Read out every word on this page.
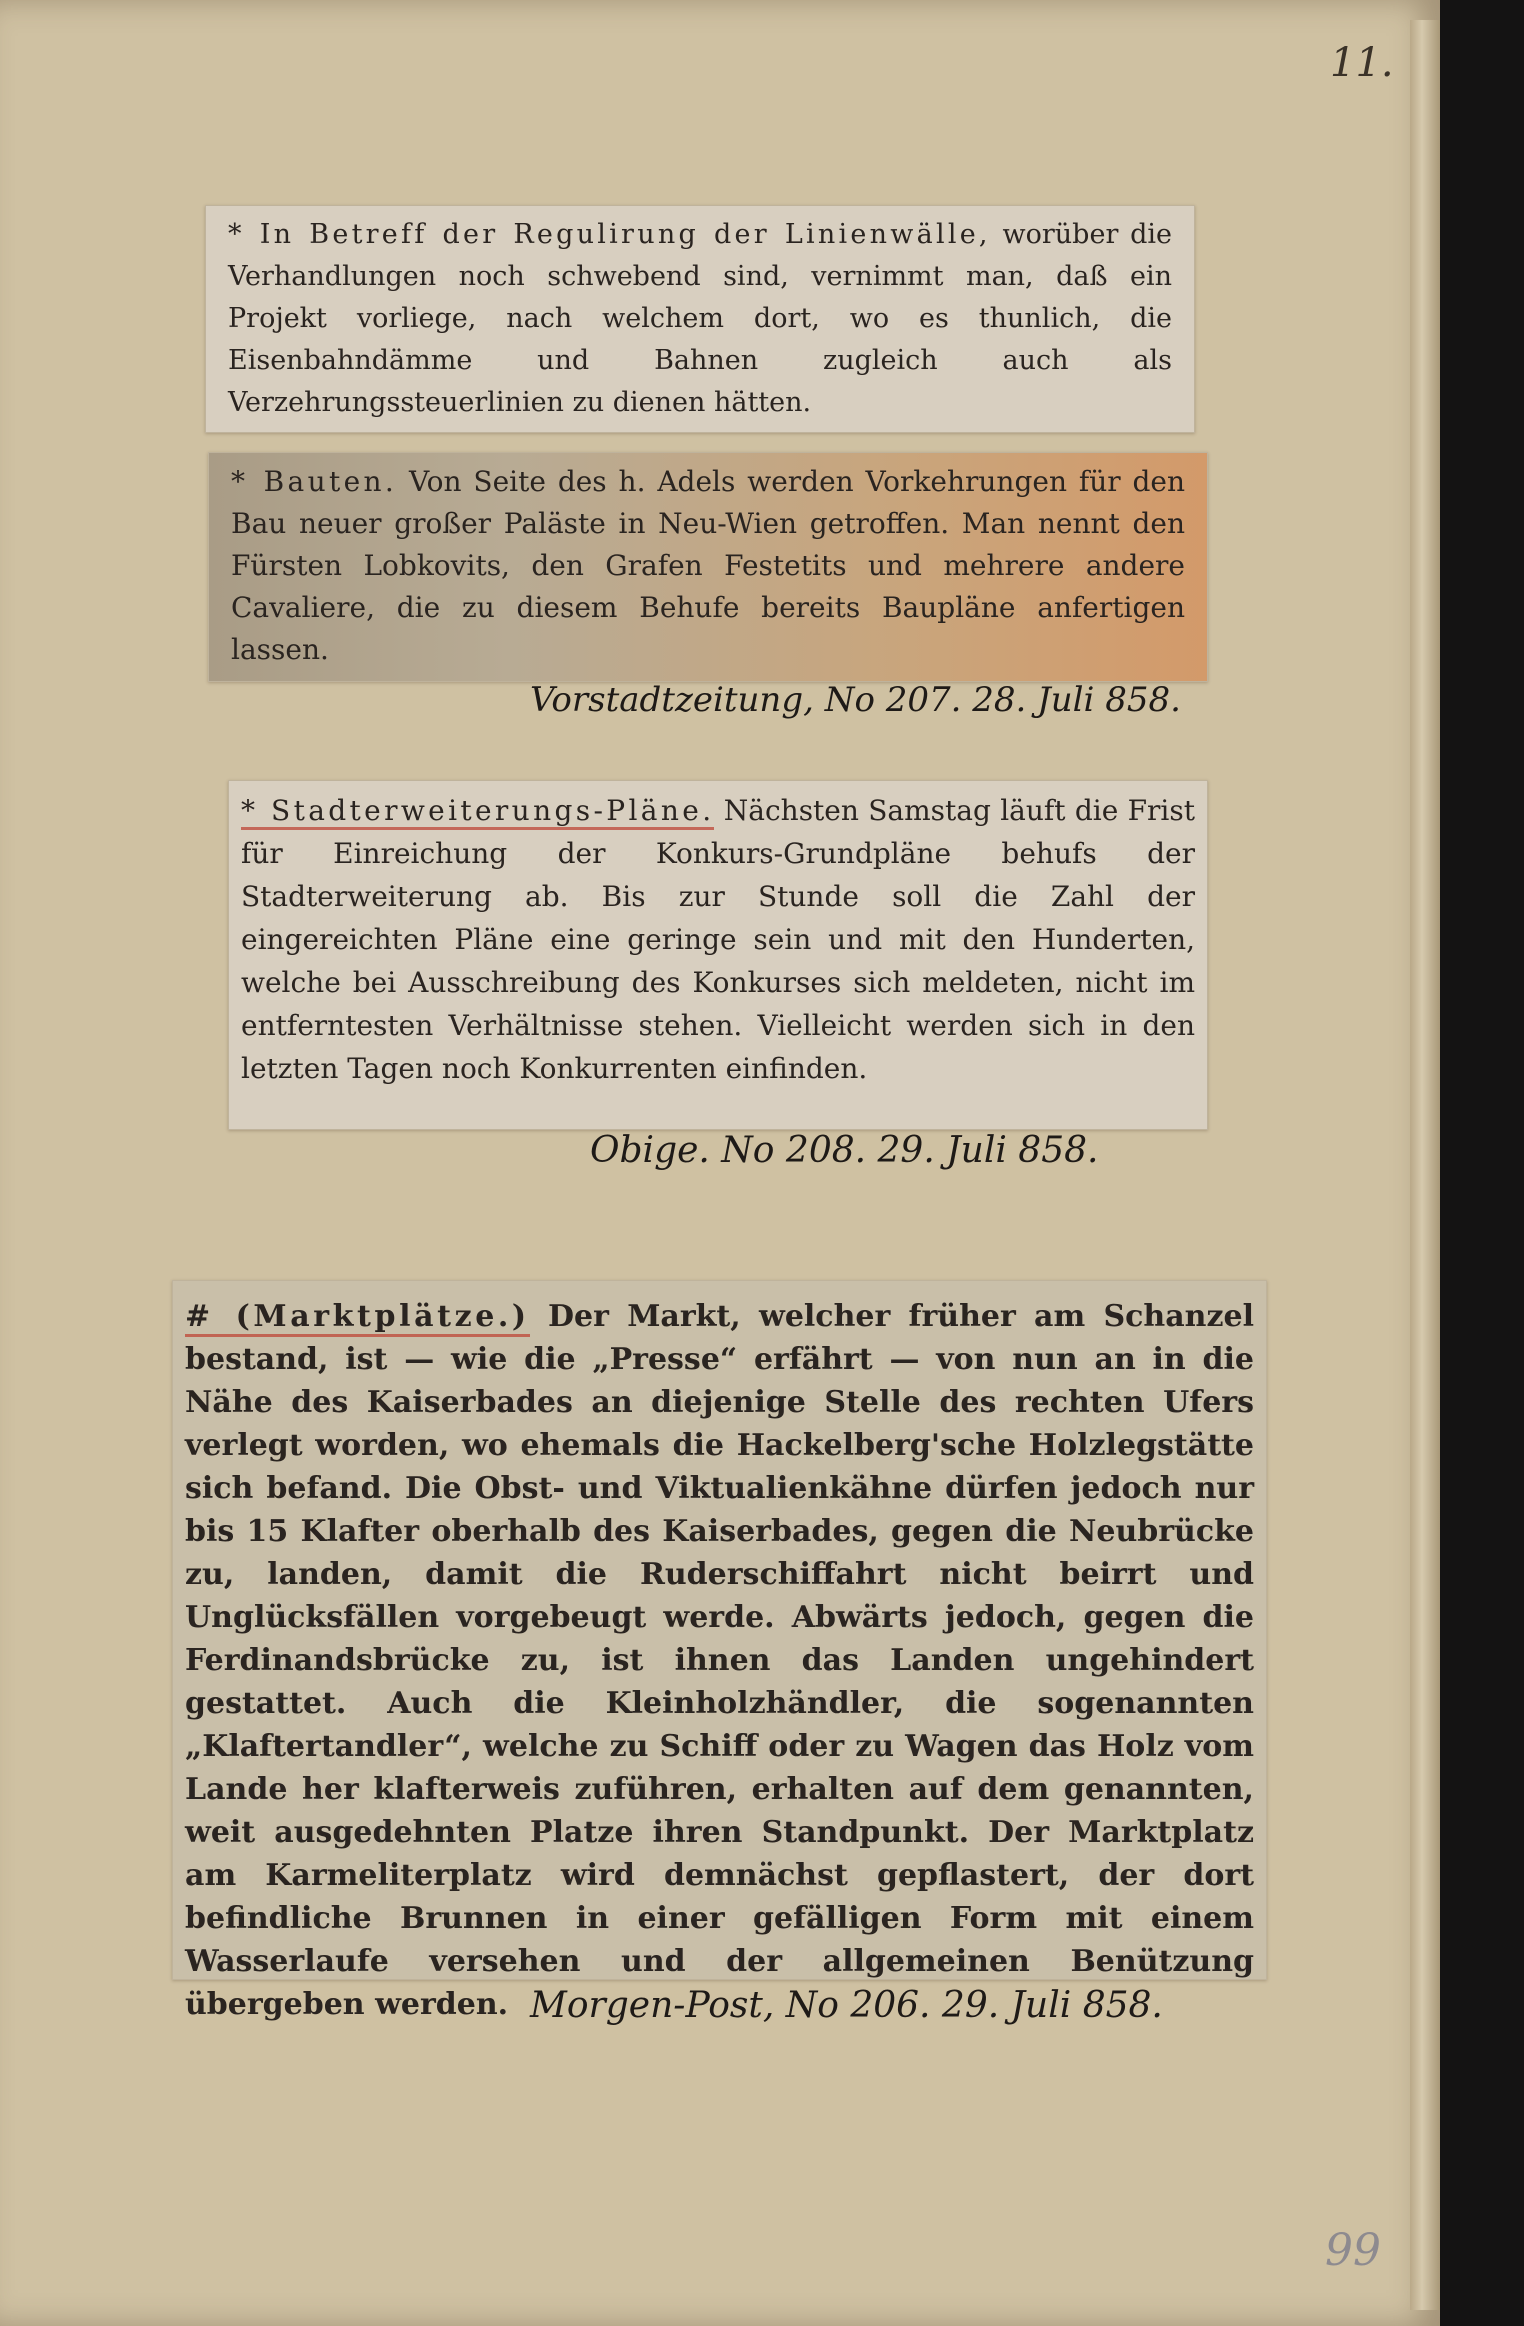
11.

* In Betreff der Regulirung der Linienwälle, worüber die Verhandlungen noch schwebend sind, vernimmt man, daß ein Projekt vorliege, nach welchem dort, wo es thunlich, die Eisenbahndämme und Bahnen zugleich auch als Verzehrungssteuerlinien zu dienen hätten.

* Bauten. Von Seite des h. Adels werden Vorkehrungen für den Bau neuer großer Paläste in Neu-Wien getroffen. Man nennt den Fürsten Lobkovits, den Grafen Festetits und mehrere andere Cavaliere, die zu diesem Behufe bereits Baupläne anfertigen lassen.

Vorstadtzeitung, No 207. 28. Juli 858.

* Stadterweiterungs-Pläne. Nächsten Samstag läuft die Frist für Einreichung der Konkurs-Grundpläne behufs der Stadterweiterung ab. Bis zur Stunde soll die Zahl der eingereichten Pläne eine geringe sein und mit den Hunderten, welche bei Ausschreibung des Konkurses sich meldeten, nicht im entferntesten Verhältnisse stehen. Vielleicht werden sich in den letzten Tagen noch Konkurrenten einfinden.

Obige. No 208. 29. Juli 858.

# (Marktplätze.) Der Markt, welcher früher am Schanzel bestand, ist — wie die „Presse“ erfährt — von nun an in die Nähe des Kaiserbades an diejenige Stelle des rechten Ufers verlegt worden, wo ehemals die Hackelberg'sche Holzlegstätte sich befand. Die Obst- und Viktualienkähne dürfen jedoch nur bis 15 Klafter oberhalb des Kaiserbades, gegen die Neubrücke zu, landen, damit die Ruderschiffahrt nicht beirrt und Unglücksfällen vorgebeugt werde. Abwärts jedoch, gegen die Ferdinandsbrücke zu, ist ihnen das Landen ungehindert gestattet. Auch die Kleinholzhändler, die sogenannten „Klaftertandler“, welche zu Schiff oder zu Wagen das Holz vom Lande her klafterweis zuführen, erhalten auf dem genannten, weit ausgedehnten Platze ihren Standpunkt. Der Marktplatz am Karmeliterplatz wird demnächst gepflastert, der dort befindliche Brunnen in einer gefälligen Form mit einem Wasserlaufe versehen und der allgemeinen Benützung übergeben werden. Morgen-Post, No 206. 29. Juli 858.
99
